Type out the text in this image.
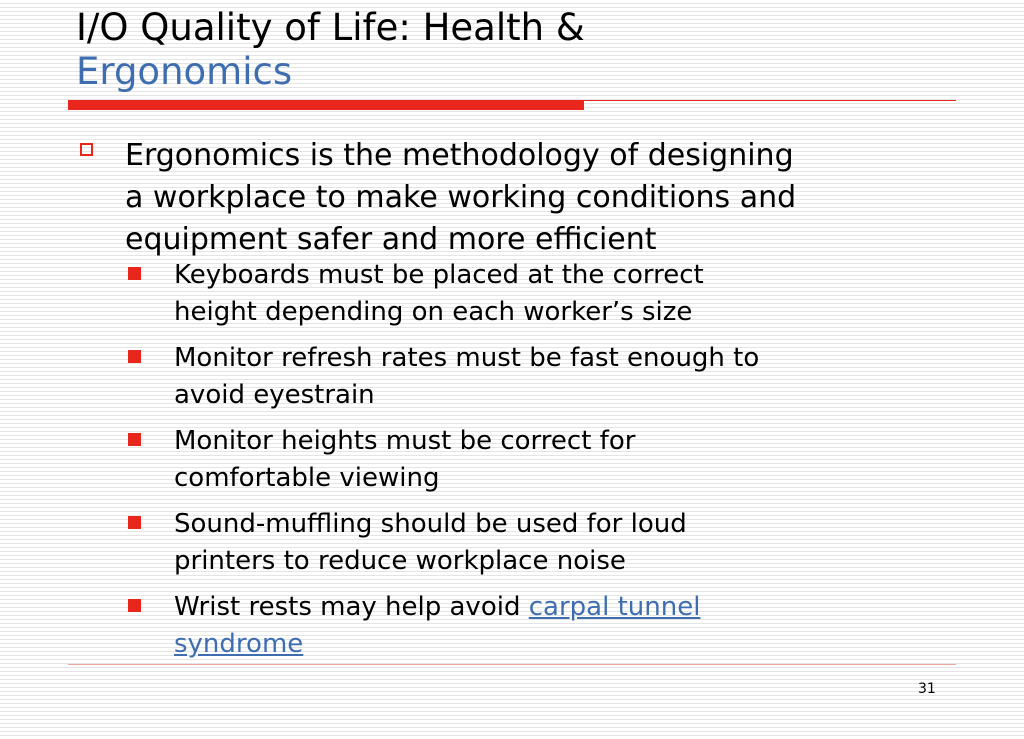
I/O Quality of Life: Health &
Ergonomics
Ergonomics is the methodology of designing
a workplace to make working conditions and
equipment safer and more efficient
Keyboards must be placed at the correct
height depending on each worker’s size
Monitor refresh rates must be fast enough to
avoid eyestrain
Monitor heights must be correct for
comfortable viewing
Sound-muffling should be used for loud
printers to reduce workplace noise
Wrist rests may help avoid carpal tunnel
syndrome
31
